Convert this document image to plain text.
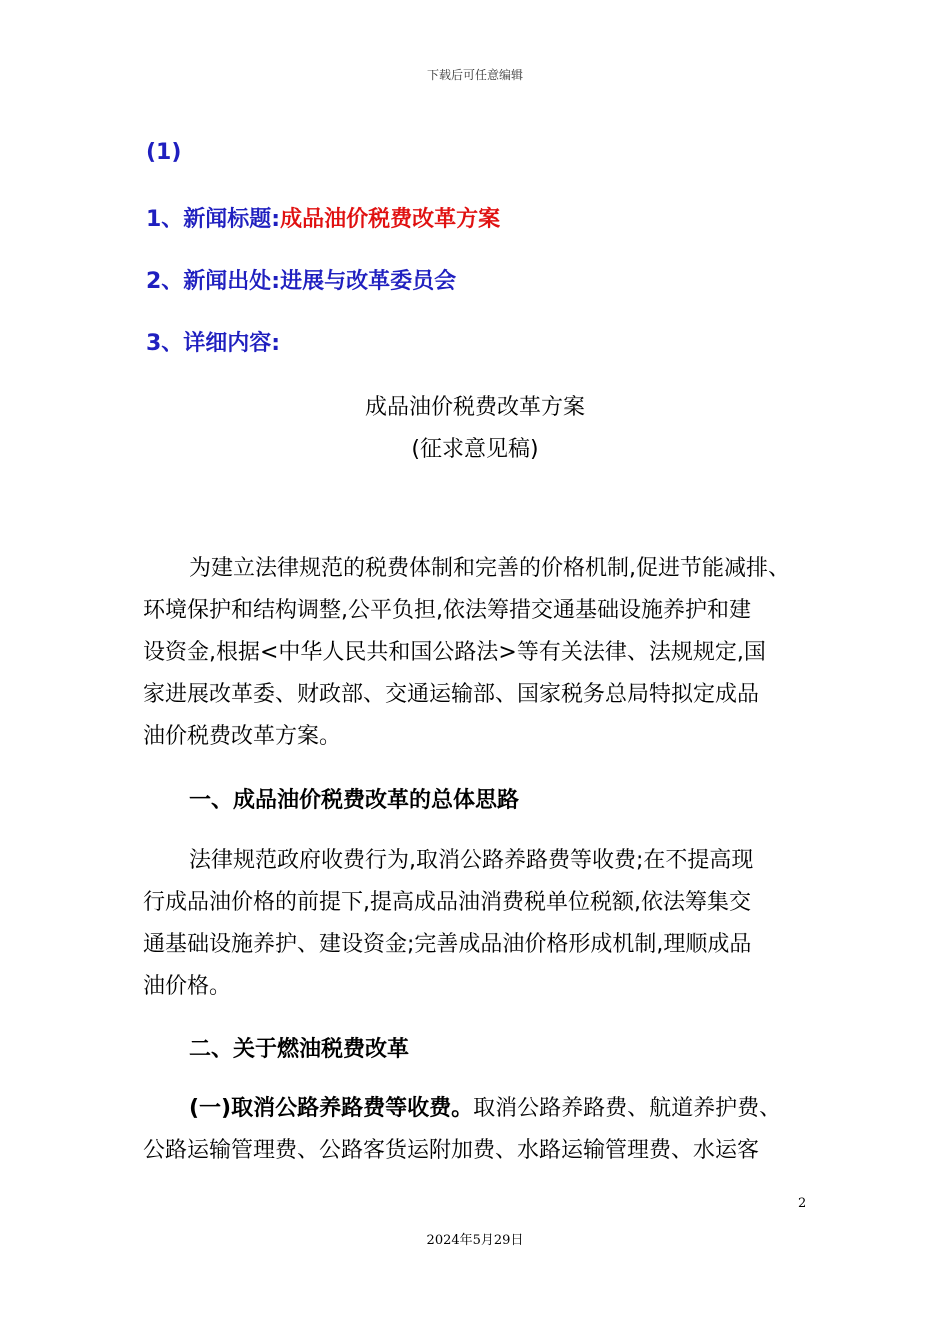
下载后可任意编辑
(1)
1、新闻标题:成品油价税费改革方案
2、新闻出处:进展与改革委员会
3、详细内容:
成品油价税费改革方案
(征求意见稿)
为建立法律规范的税费体制和完善的价格机制,促进节能减排、
环境保护和结构调整,公平负担,依法筹措交通基础设施养护和建
设资金,根据<中华人民共和国公路法>等有关法律、法规规定,国
家进展改革委、财政部、交通运输部、国家税务总局特拟定成品
油价税费改革方案。
一、成品油价税费改革的总体思路
法律规范政府收费行为,取消公路养路费等收费;在不提高现
行成品油价格的前提下,提高成品油消费税单位税额,依法筹集交
通基础设施养护、建设资金;完善成品油价格形成机制,理顺成品
油价格。
二、关于燃油税费改革
(一)取消公路养路费等收费。取消公路养路费、航道养护费、
公路运输管理费、公路客货运附加费、水路运输管理费、水运客
2
2024年5月29日
